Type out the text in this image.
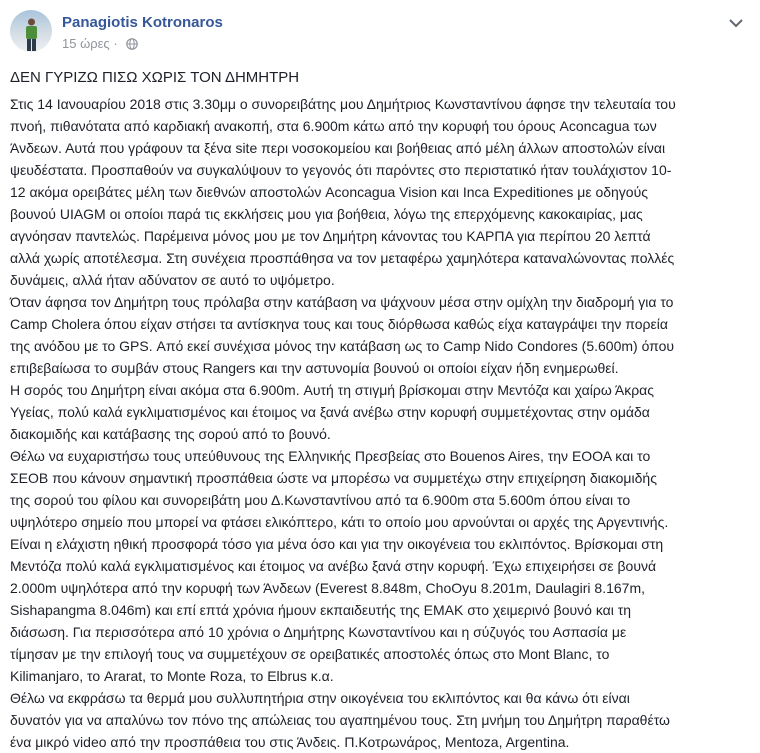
Panagiotis Kotronaros
15 ώρες ·
ΔΕΝ ΓΥΡΙΖΩ ΠΙΣΩ ΧΩΡΙΣ ΤΟΝ ΔΗΜΗΤΡΗ
Στις 14 Ιανουαρίου 2018 στις 3.30μμ ο συνορειβάτης μου Δημήτριος Κωνσταντίνου άφησε την τελευταία του
πνοή, πιθανότατα από καρδιακή ανακοπή, στα 6.900m κάτω από την κορυφή του όρους Aconcagua των
Άνδεων. Αυτά που γράφουν τα ξένα site περι νοσοκομείου και βοήθειας από μέλη άλλων αποστολών είναι
ψευδέστατα. Προσπαθούν να συγκαλύψουν το γεγονός ότι παρόντες στο περιστατικό ήταν τουλάχιστον 10-
12 ακόμα ορειβάτες μέλη των διεθνών αποστολών Aconcagua Vision και Inca Expeditiones με οδηγούς
βουνού UIAGM οι οποίοι παρά τις εκκλήσεις μου για βοήθεια, λόγω της επερχόμενης κακοκαιρίας, μας
αγνόησαν παντελώς. Παρέμεινα μόνος μου με τον Δημήτρη κάνοντας του ΚΑΡΠΑ για περίπου 20 λεπτά
αλλά χωρίς αποτέλεσμα. Στη συνέχεια προσπάθησα να τον μεταφέρω χαμηλότερα καταναλώνοντας πολλές
δυνάμεις, αλλά ήταν αδύνατον σε αυτό το υψόμετρο.
Όταν άφησα τον Δημήτρη τους πρόλαβα στην κατάβαση να ψάχνουν μέσα στην ομίχλη την διαδρομή για το
Camp Cholera όπου είχαν στήσει τα αντίσκηνα τους και τους διόρθωσα καθώς είχα καταγράψει την πορεία
της ανόδου με το GPS. Από εκεί συνέχισα μόνος την κατάβαση ως το Camp Nido Condores (5.600m) όπου
επιβεβαίωσα το συμβάν στους Rangers και την αστυνομία βουνού οι οποίοι είχαν ήδη ενημερωθεί.
Η σορός του Δημήτρη είναι ακόμα στα 6.900m. Αυτή τη στιγμή βρίσκομαι στην Μεντόζα και χαίρω Άκρας
Υγείας, πολύ καλά εγκλιματισμένος και έτοιμος να ξανά ανέβω στην κορυφή συμμετέχοντας στην ομάδα
διακομιδής και κατάβασης της σορού από το βουνό.
Θέλω να ευχαριστήσω τους υπεύθυνους της Ελληνικής Πρεσβείας στο Bouenos Aires, την ΕΟΟΑ και το
ΣΕΟΒ που κάνουν σημαντική προσπάθεια ώστε να μπορέσω να συμμετέχω στην επιχείρηση διακομιδής
της σορού του φίλου και συνορειβάτη μου Δ.Κωνσταντίνου από τα 6.900m στα 5.600m όπου είναι το
υψηλότερο σημείο που μπορεί να φτάσει ελικόπτερο, κάτι το οποίο μου αρνούνται οι αρχές της Αργεντινής.
Είναι η ελάχιστη ηθική προσφορά τόσο για μένα όσο και για την οικογένεια του εκλιπόντος. Βρίσκομαι στη
Μεντόζα πολύ καλά εγκλιματισμένος και έτοιμος να ανέβω ξανά στην κορυφή. Έχω επιχειρήσει σε βουνά
2.000m υψηλότερα από την κορυφή των Άνδεων (Everest 8.848m, ChoOyu 8.201m, Daulagiri 8.167m,
Sishapangma 8.046m) και επί επτά χρόνια ήμουν εκπαιδευτής της ΕΜΑΚ στο χειμερινό βουνό και τη
διάσωση. Για περισσότερα από 10 χρόνια ο Δημήτρης Κωνσταντίνου και η σύζυγός του Ασπασία με
τίμησαν με την επιλογή τους να συμμετέχουν σε ορειβατικές αποστολές όπως στο Mont Blanc, το
Kilimanjaro, το Ararat, το Monte Roza, το Elbrus κ.α.
Θέλω να εκφράσω τα θερμά μου συλλυπητήρια στην οικογένεια του εκλιπόντος και θα κάνω ότι είναι
δυνατόν για να απαλύνω τον πόνο της απώλειας του αγαπημένου τους. Στη μνήμη του Δημήτρη παραθέτω
ένα μικρό video από την προσπάθεια του στις Άνδεις. Π.Κοτρωνάρος, Mentoza, Argentina.
